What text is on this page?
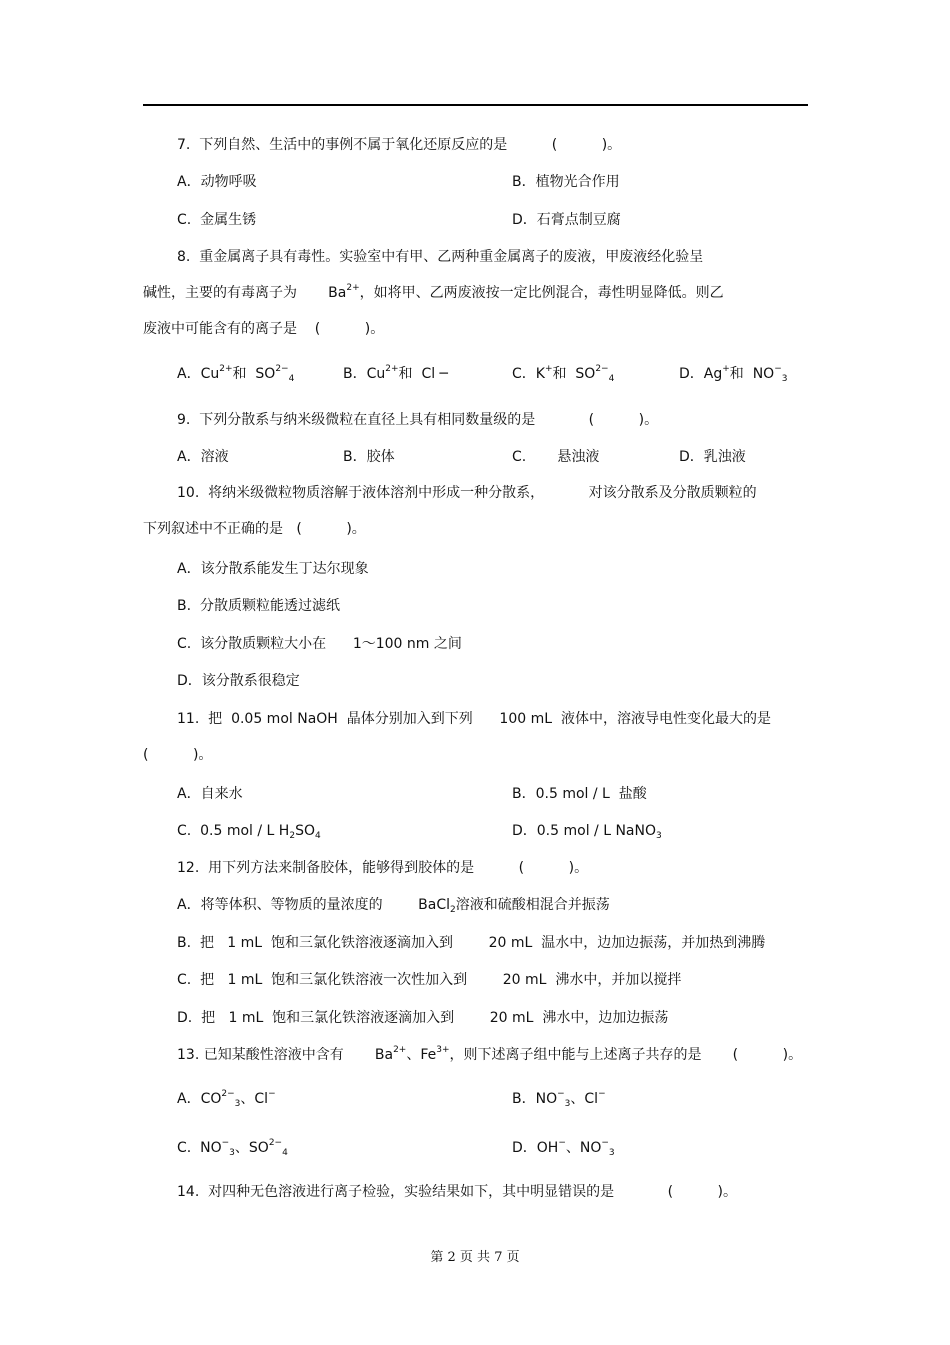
7.  下列自然、生活中的事例不属于氧化还原反应的是          (          )。
A．动物呼吸	B．植物光合作用
C.  金属生锈	D．石膏点制豆腐
8.  重金属离子具有毒性。实验室中有甲、乙两种重金属离子的废液，甲废液经化验呈
碱性，主要的有毒离子为       $Ba^{2+}$，如将甲、乙两废液按一定比例混合，毒性明显降低。则乙
废液中可能含有的离子是    (          )。
A．$Cu^{2+}$和  $SO^{2-}_4$	B．$Cu^{2+}$和  Cl ─	C．K+和  $SO^{2-}_4$	D．Ag+和  $NO^-_3$
9.  下列分散系与纳米级微粒在直径上具有相同数量级的是            (          )。
A．溶液	B．胶体	C.       悬浊液	D．乳浊液
10.  将纳米级微粒物质溶解于液体溶剂中形成一种分散系，          对该分散系及分散质颗粒的
下列叙述中不正确的是   (          )。
A．该分散系能发生丁达尔现象
B.  分散质颗粒能透过滤纸
C.  该分散质颗粒大小在      1～100 nm 之间
D．该分散系很稳定
11.  把  0.05 mol NaOH  晶体分别加入到下列      100 mL  液体中，溶液导电性变化最大的是
(          )。
A．自来水	B．0.5 mol / L  盐酸
C.  0.5 mol / L $H_2SO_4$	D．0.5 mol / L NaNO$_3$
12.  用下列方法来制备胶体，能够得到胶体的是          (          )。
A．将等体积、等物质的量浓度的        BaCl$_2$溶液和硫酸相混合并振荡
B.  把   1 mL  饱和三氯化铁溶液逐滴加入到        20 mL  温水中，边加边振荡，并加热到沸腾
C.  把   1 mL  饱和三氯化铁溶液一次性加入到        20 mL  沸水中，并加以搅拌
D.  把   1 mL  饱和三氯化铁溶液逐滴加入到        20 mL  沸水中，边加边振荡
13. 已知某酸性溶液中含有       $Ba^{2+}$、$Fe^{3+}$，则下述离子组中能与上述离子共存的是       (          )。
A．$CO^{2-}_3$、Cl−	B．$NO^-_3$、Cl−
C.  $NO^-_3$、$SO^{2-}_4$	D．OH−、$NO^-_3$
14.  对四种无色溶液进行离子检验，实验结果如下，其中明显错误的是            (          )。
第 2 页 共 7 页
